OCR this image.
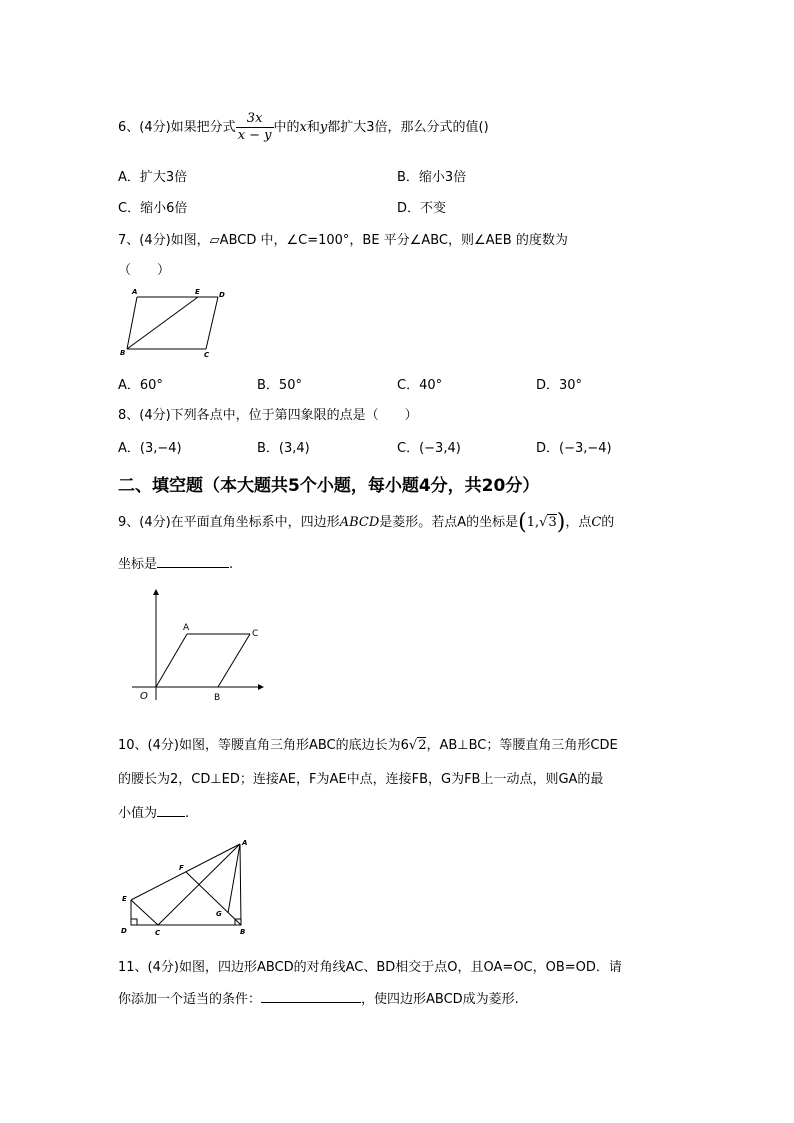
6、(4分)如果把分式 $\frac{3x}{x - y}$ 中的x和y都扩大3倍，那么分式的值()
A．扩大3倍	B．缩小3倍
C．缩小6倍	D．不变
7、(4分)如图，▱ABCD 中，∠C=100°，BE 平分∠ABC，则∠AEB 的度数为
（　　）
A	E	D
B	C
A．60°	B．50°	C．40°	D．30°
8、(4分)下列各点中，位于第四象限的点是（　　）
A．(3,−4)	B．(3,4)	C．(−3,4)	D．(−3,−4)
二、填空题（本大题共5个小题，每小题4分，共20分）
9、(4分)在平面直角坐标系中，四边形ABCD是菱形。若点A的坐标是(1,√3)，点C的
坐标是	.
A
C
O	B
10、(4分)如图，等腰直角三角形ABC的底边长为6√2，AB⊥BC；等腰直角三角形CDE
的腰长为2，CD⊥ED；连接AE，F为AE中点，连接FB，G为FB上一动点，则GA的最
小值为 .
A
F
E
G
D	C	B
11、(4分)如图，四边形ABCD的对角线AC、BD相交于点O，且OA=OC，OB=OD．请
你添加一个适当的条件：	，使四边形ABCD成为菱形.
